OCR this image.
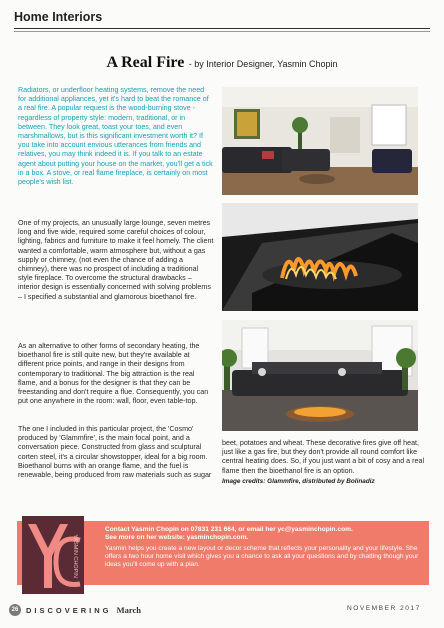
Home Interiors
A Real Fire - by Interior Designer, Yasmin Chopin
Radiators, or underfloor heating systems, remove the need for additional appliances, yet it's hard to beat the romance of a real fire. A popular request is the wood-burning stove - regardless of property style: modern, traditional, or in between. They look great, toast your toes, and even marshmallows, but is this significant investment worth it? If you take into account envious utterances from friends and relatives, you may think indeed it is. If you talk to an estate agent about putting your house on the market, you'll get a tick in a box. A stove, or real flame fireplace, is certainly on most people's wish list.
One of my projects, an unusually large lounge, seven metres long and five wide, required some careful choices of colour, lighting, fabrics and furniture to make it feel homely. The client wanted a comfortable, warm atmosphere but, without a gas supply or chimney, (not even the chance of adding a chimney), there was no prospect of including a traditional style fireplace. To overcome the structural drawbacks – interior design is essentially concerned with solving problems – I specified a substantial and glamorous bioethanol fire.
As an alternative to other forms of secondary heating, the bioethanol fire is still quite new, but they're available at different price points, and range in their designs from contemporary to traditional. The big attraction is the real flame, and a bonus for the designer is that they can be freestanding and don't require a flue. Consequently, you can put one anywhere in the room: wall, floor, even table-top.
The one I included in this particular project, the 'Cosmo' produced by 'Glammfire', is the main focal point, and a conversation piece. Constructed from glass and sculptural corten steel, it's a circular showstopper, ideal for a big room. Bioethanol burns with an orange flame, and the fuel is renewable, being produced from raw materials such as sugar
beet, potatoes and wheat. These decorative fires give off heat, just like a gas fire, but they don't provide all round comfort like central heating does. So, if you just want a bit of cosy and a real flame then the bioethanol fire is an option.
Image credits: Glammfire, distributed by Bolinadiz
YASMIN CHOPIN
Contact Yasmin Chopin on 07831 231 664, or email her yc@yasminchopin.com.
See more on her website: yasminchopin.com.
Yasmin helps you create a new layout or decor scheme that reflects your personality and your lifestyle. She offers a two hour home visit which gives you a chance to ask all your questions and by chatting though your ideas you'll come up with a plan.
26	DISCOVERING March	NOVEMBER 2017
